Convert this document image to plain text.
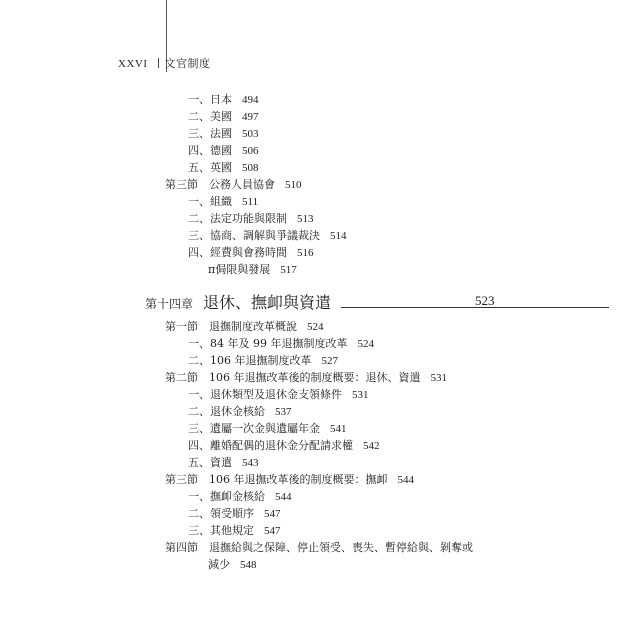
XXVI 文官制度
一、日本 494
二、美國 497
三、法國 503
四、德國 506
五、英國 508
第三節　公務人員協會 510
一、組織 511
二、法定功能與限制 513
三、協商、調解與爭議裁決 514
四、經費與會務時間 516
π侷限與發展 517
第十四章 退休、撫卹與資遣	523
第一節　退撫制度改革概說 524
一、84 年及 99 年退撫制度改革 524
二、106 年退撫制度改革 527
第二節　106 年退撫改革後的制度概要：退休、資遣 531
一、退休類型及退休金支領條件 531
二、退休金核給 537
三、遺屬一次金與遺屬年金 541
四、離婚配偶的退休金分配請求權 542
五、資遣 543
第三節　106 年退撫改革後的制度概要：撫卹 544
一、撫卹金核給 544
二、領受順序 547
三、其他規定 547
第四節　退撫給與之保障、停止領受、喪失、暫停給與、剝奪或
減少 548
